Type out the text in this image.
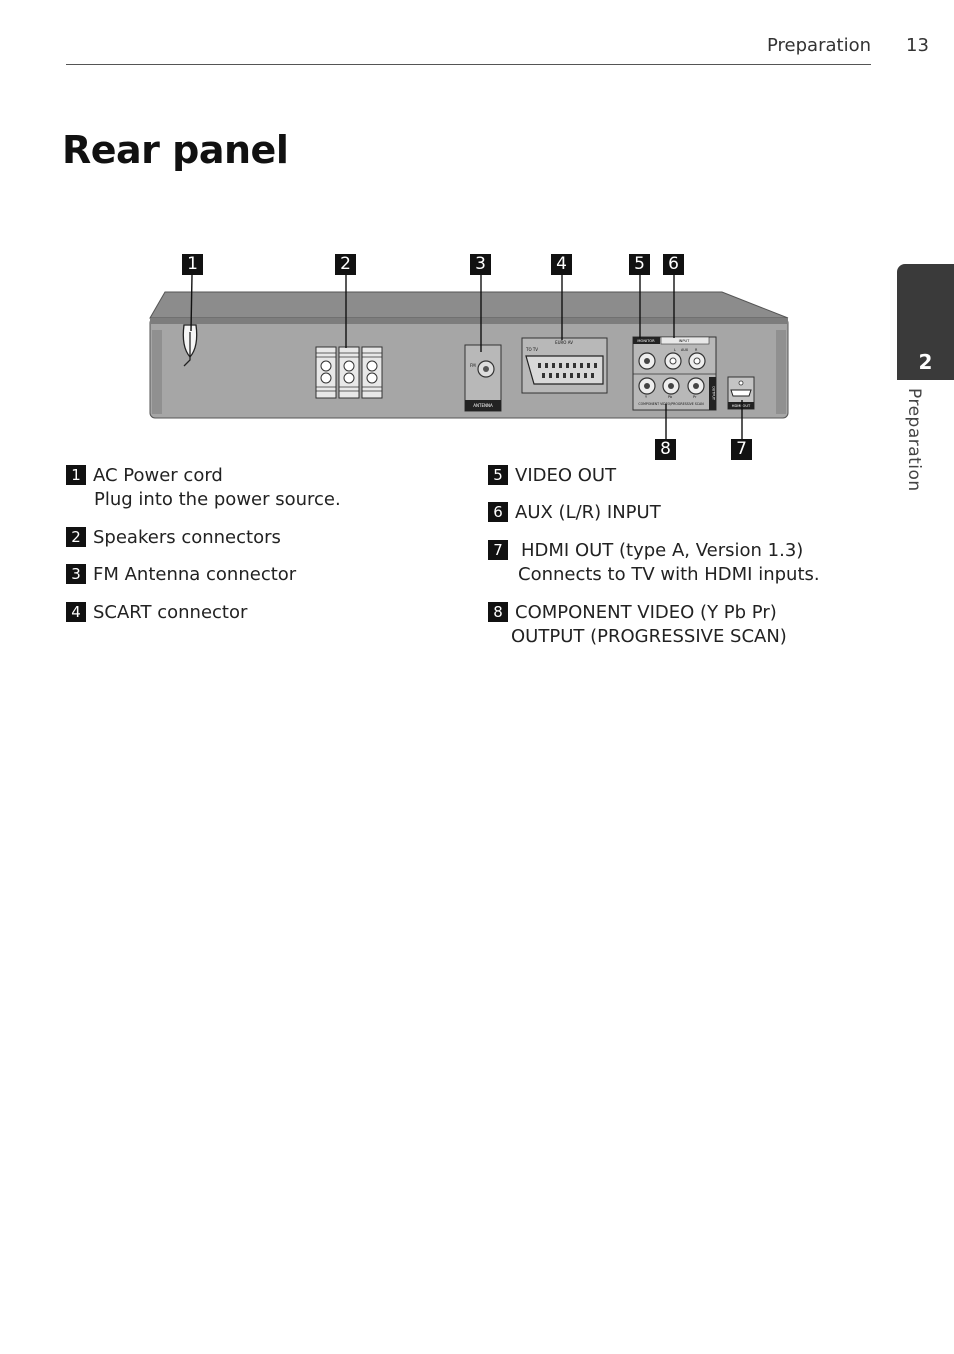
Preparation 13
Rear panel
2
Preparation
1	2	3	4	5 6
8	7
FM
ANTENNA
EURO AV
TO TV
MONITOR	INPUT
L AUX R
Y	Pb	Pr
COMPONENT VIDEO/PROGRESSIVE SCAN
OUTPUT
HDMI OUT
1 AC Power cord
Plug into the power source.
2 Speakers connectors
3 FM Antenna connector
4 SCART connector
5 VIDEO OUT
6 AUX (L/R) INPUT
7 HDMI OUT (type A, Version 1.3)
Connects to TV with HDMI inputs.
8 COMPONENT VIDEO (Y Pb Pr)
OUTPUT (PROGRESSIVE SCAN)
